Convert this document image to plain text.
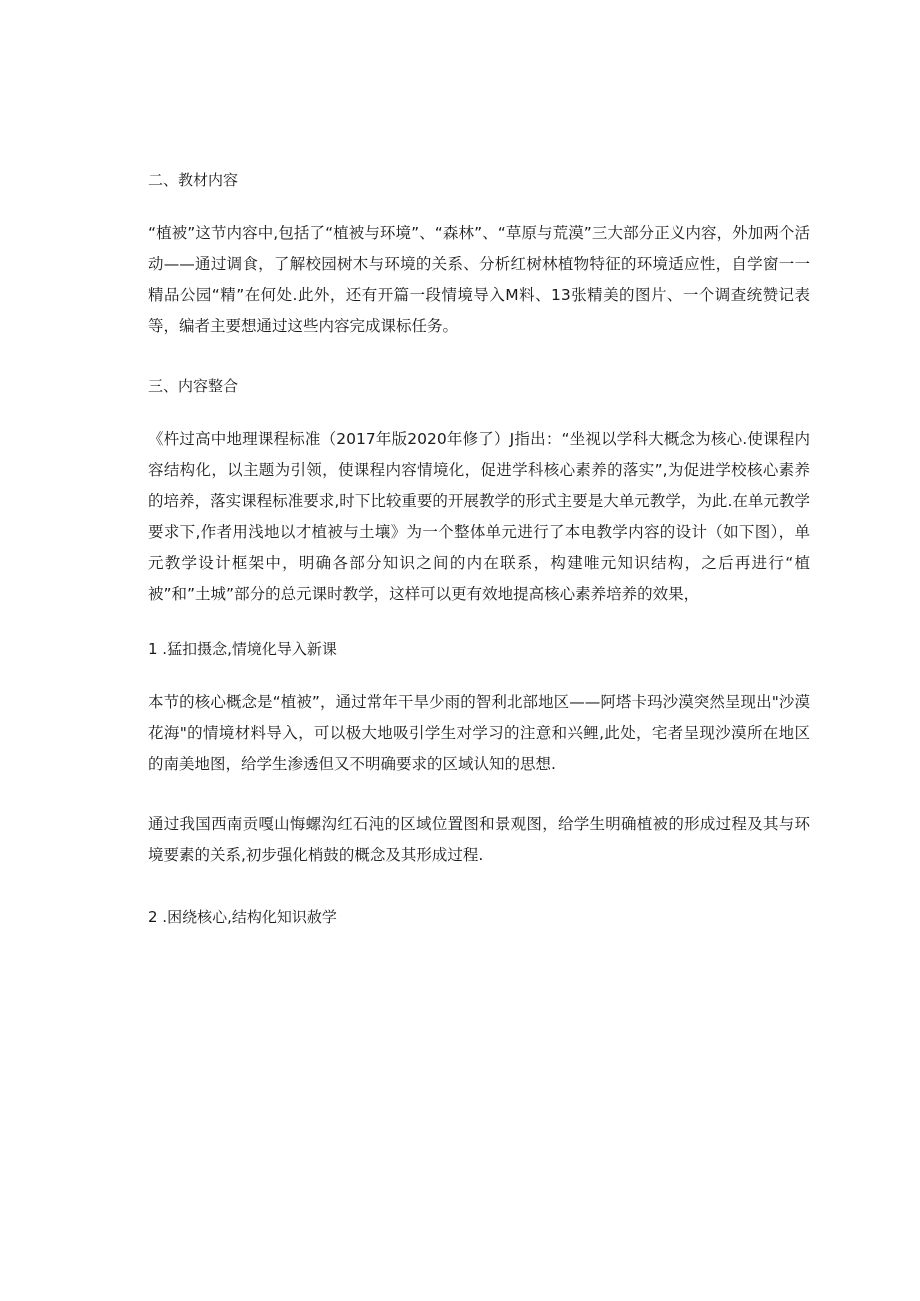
二、教材内容

“植被”这节内容中,包括了“植被与环境”、“森林”、“草原与荒漠”三大部分正义内容，外加两个活动——通过调食，了解校园树木与环境的关系、分析红树林植物特征的环境适应性，自学窗一一精品公园“精”在何处.此外，还有开篇一段情境导入M料、13张精美的图片、一个调查统赞记表等，编者主要想通过这些内容完成课标任务。

三、内容整合

《杵过高中地理课程标准（2017年版2020年修了）J指出：“坐视以学科大概念为核心.使课程内容结构化，以主题为引领，使课程内容情境化，促进学科核心素养的落实”,为促进学校核心素养的培养，落实课程标准要求,时下比较重要的开展教学的形式主要是大单元教学，为此.在单元教学要求下,作者用浅地以才植被与土壤》为一个整体单元进行了本电教学内容的设计（如下图），单元教学设计框架中，明确各部分知识之间的内在联系，构建唯元知识结构，之后再进行“植被”和”土城”部分的总元课时教学，这样可以更有效地提高核心素养培养的效果，

1 .猛扣摄念,情境化导入新课

本节的核心概念是“植被”，通过常年干旱少雨的智利北部地区——阿塔卡玛沙漠突然呈现出"沙漠花海"的情境材料导入，可以极大地吸引学生对学习的注意和兴鲤,此处，宅者呈现沙漠所在地区的南美地图，给学生渗透但又不明确要求的区域认知的思想.

通过我国西南贡嘎山悔螺沟红石沌的区域位置图和景观图，给学生明确植被的形成过程及其与环境要素的关系,初步强化梢鼓的概念及其形成过程.

2 .困绕核心,结构化知识赦学
